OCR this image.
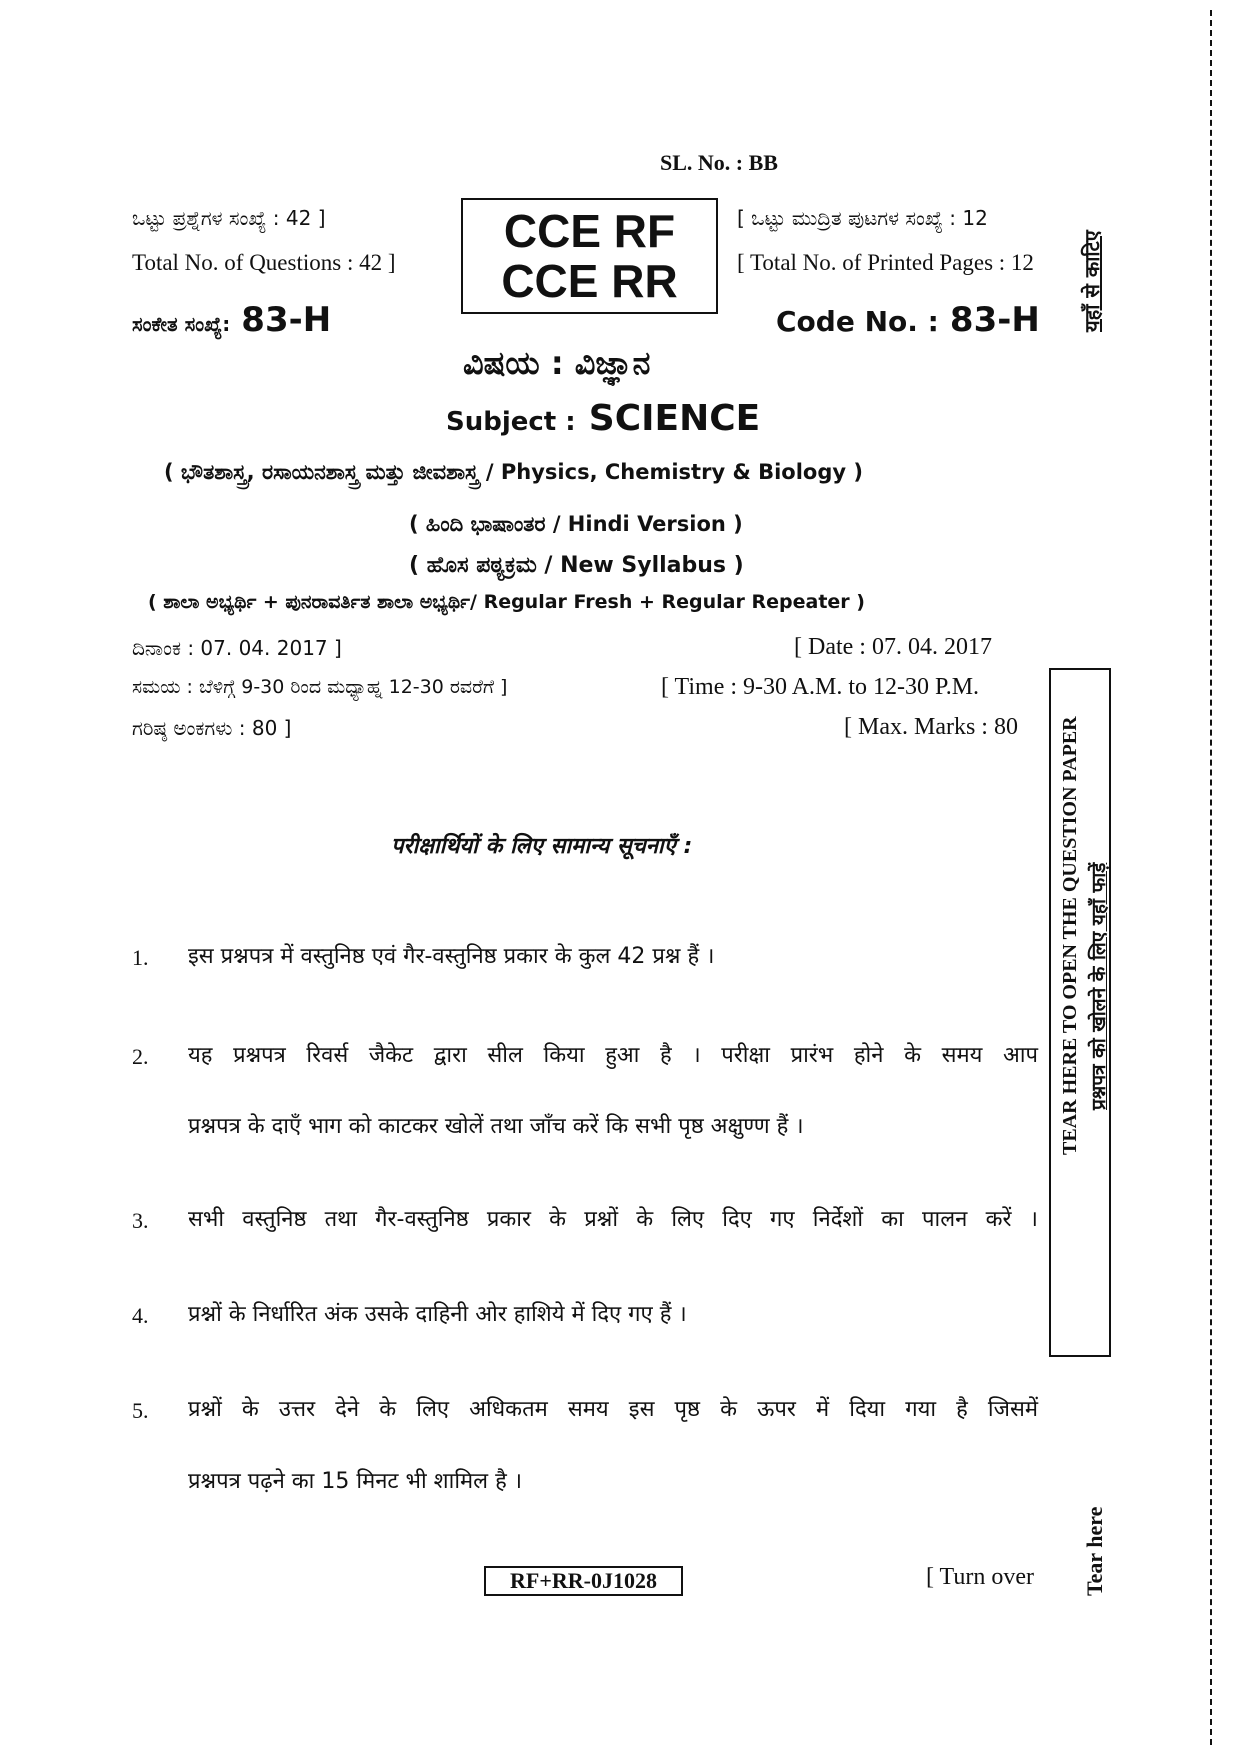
SL. No. : BB
ಒಟ್ಟು ಪ್ರಶ್ನೆಗಳ ಸಂಖ್ಯೆ : 42 ]
Total No. of Questions : 42 ]
CCE RF
CCE RR
[ ಒಟ್ಟು ಮುದ್ರಿತ ಪುಟಗಳ ಸಂಖ್ಯೆ : 12
[ Total No. of Printed Pages : 12
ಸಂಕೇತ ಸಂಖ್ಯೆ: 83-H	Code No. : 83-H
ವಿಷಯ : ವಿಜ್ಞಾನ
Subject : SCIENCE
( ಭೌತಶಾಸ್ತ್ರ, ರಸಾಯನಶಾಸ್ತ್ರ ಮತ್ತು ಜೀವಶಾಸ್ತ್ರ / Physics, Chemistry & Biology )
( ಹಿಂದಿ ಭಾಷಾಂತರ / Hindi Version )
( ಹೊಸ ಪಠ್ಯಕ್ರಮ / New Syllabus )
( ಶಾಲಾ ಅಭ್ಯರ್ಥಿ + ಪುನರಾವರ್ತಿತ ಶಾಲಾ ಅಭ್ಯರ್ಥಿ/ Regular Fresh + Regular Repeater )
ದಿನಾಂಕ : 07. 04. 2017 ]	[ Date : 07. 04. 2017
ಸಮಯ : ಬೆಳಿಗ್ಗೆ 9-30 ರಿಂದ ಮಧ್ಯಾಹ್ನ 12-30 ರವರೆಗೆ ]	[ Time : 9-30 A.M. to 12-30 P.M.
ಗರಿಷ್ಠ ಅಂಕಗಳು : 80 ]	[ Max. Marks : 80
परीक्षार्थियों के लिए सामान्य सूचनाएँ :
1. इस प्रश्नपत्र में वस्तुनिष्ठ एवं गैर-वस्तुनिष्ठ प्रकार के कुल 42 प्रश्न हैं ।
2. यह प्रश्नपत्र रिवर्स जैकेट द्वारा सील किया हुआ है । परीक्षा प्रारंभ होने के समय आप
प्रश्नपत्र के दाएँ भाग को काटकर खोलें तथा जाँच करें कि सभी पृष्ठ अक्षुण्ण हैं ।
3. सभी वस्तुनिष्ठ तथा गैर-वस्तुनिष्ठ प्रकार के प्रश्नों के लिए दिए गए निर्देशों का पालन करें ।
4. प्रश्नों के निर्धारित अंक उसके दाहिनी ओर हाशिये में दिए गए हैं ।
5. प्रश्नों के उत्तर देने के लिए अधिकतम समय इस पृष्ठ के ऊपर में दिया गया है जिसमें
प्रश्नपत्र पढ़ने का 15 मिनट भी शामिल है ।
RF+RR-0J1028	[ Turn over
यहाँ से काटिए
TEAR HERE TO OPEN THE QUESTION PAPER प्रश्नपत्र को खोलने के लिए यहाँ फाड़ें
Tear here
